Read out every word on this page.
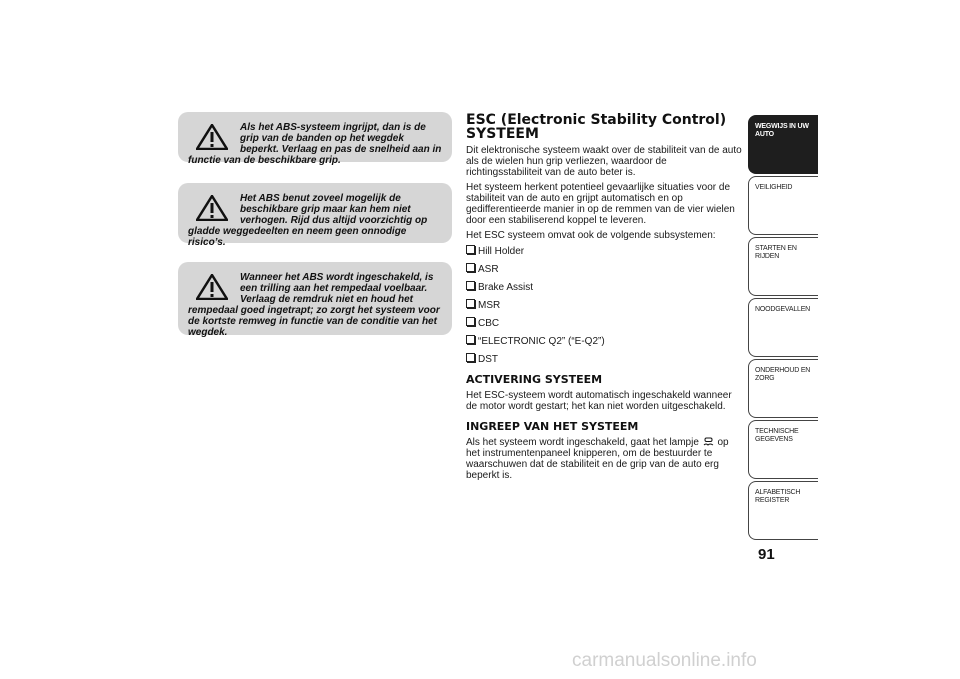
Als het ABS-systeem ingrijpt, dan is de grip van de banden op het wegdek beperkt. Verlaag en pas de snelheid aan in functie van de beschikbare grip.
Het ABS benut zoveel mogelijk de beschikbare grip maar kan hem niet verhogen. Rijd dus altijd voorzichtig op gladde weggedeelten en neem geen onnodige risico’s.
Wanneer het ABS wordt ingeschakeld, is een trilling aan het rempedaal voelbaar. Verlaag de remdruk niet en houd het rempedaal goed ingetrapt; zo zorgt het systeem voor de kortste remweg in functie van de conditie van het wegdek.
ESC (Electronic Stability Control) SYSTEEM
Dit elektronische systeem waakt over de stabiliteit van de auto als de wielen hun grip verliezen, waardoor de richtingsstabiliteit van de auto beter is.
Het systeem herkent potentieel gevaarlijke situaties voor de stabiliteit van de auto en grijpt automatisch en op gedifferentieerde manier in op de remmen van de vier wielen door een stabiliserend koppel te leveren.
Het ESC systeem omvat ook de volgende subsystemen:
Hill Holder
ASR
Brake Assist
MSR
CBC
“ELECTRONIC Q2” (“E-Q2”)
DST
ACTIVERING SYSTEEM
Het ESC-systeem wordt automatisch ingeschakeld wanneer de motor wordt gestart; het kan niet worden uitgeschakeld.
INGREEP VAN HET SYSTEEM
Als het systeem wordt ingeschakeld, gaat het lampje op het instrumentenpaneel knipperen, om de bestuurder te waarschuwen dat de stabiliteit en de grip van de auto erg beperkt is.
WEGWIJS IN UW AUTO
VEILIGHEID
STARTEN EN RIJDEN
NOODGEVALLEN
ONDERHOUD EN ZORG
TECHNISCHE GEGEVENS
ALFABETISCH REGISTER
91
carmanualsonline.info
